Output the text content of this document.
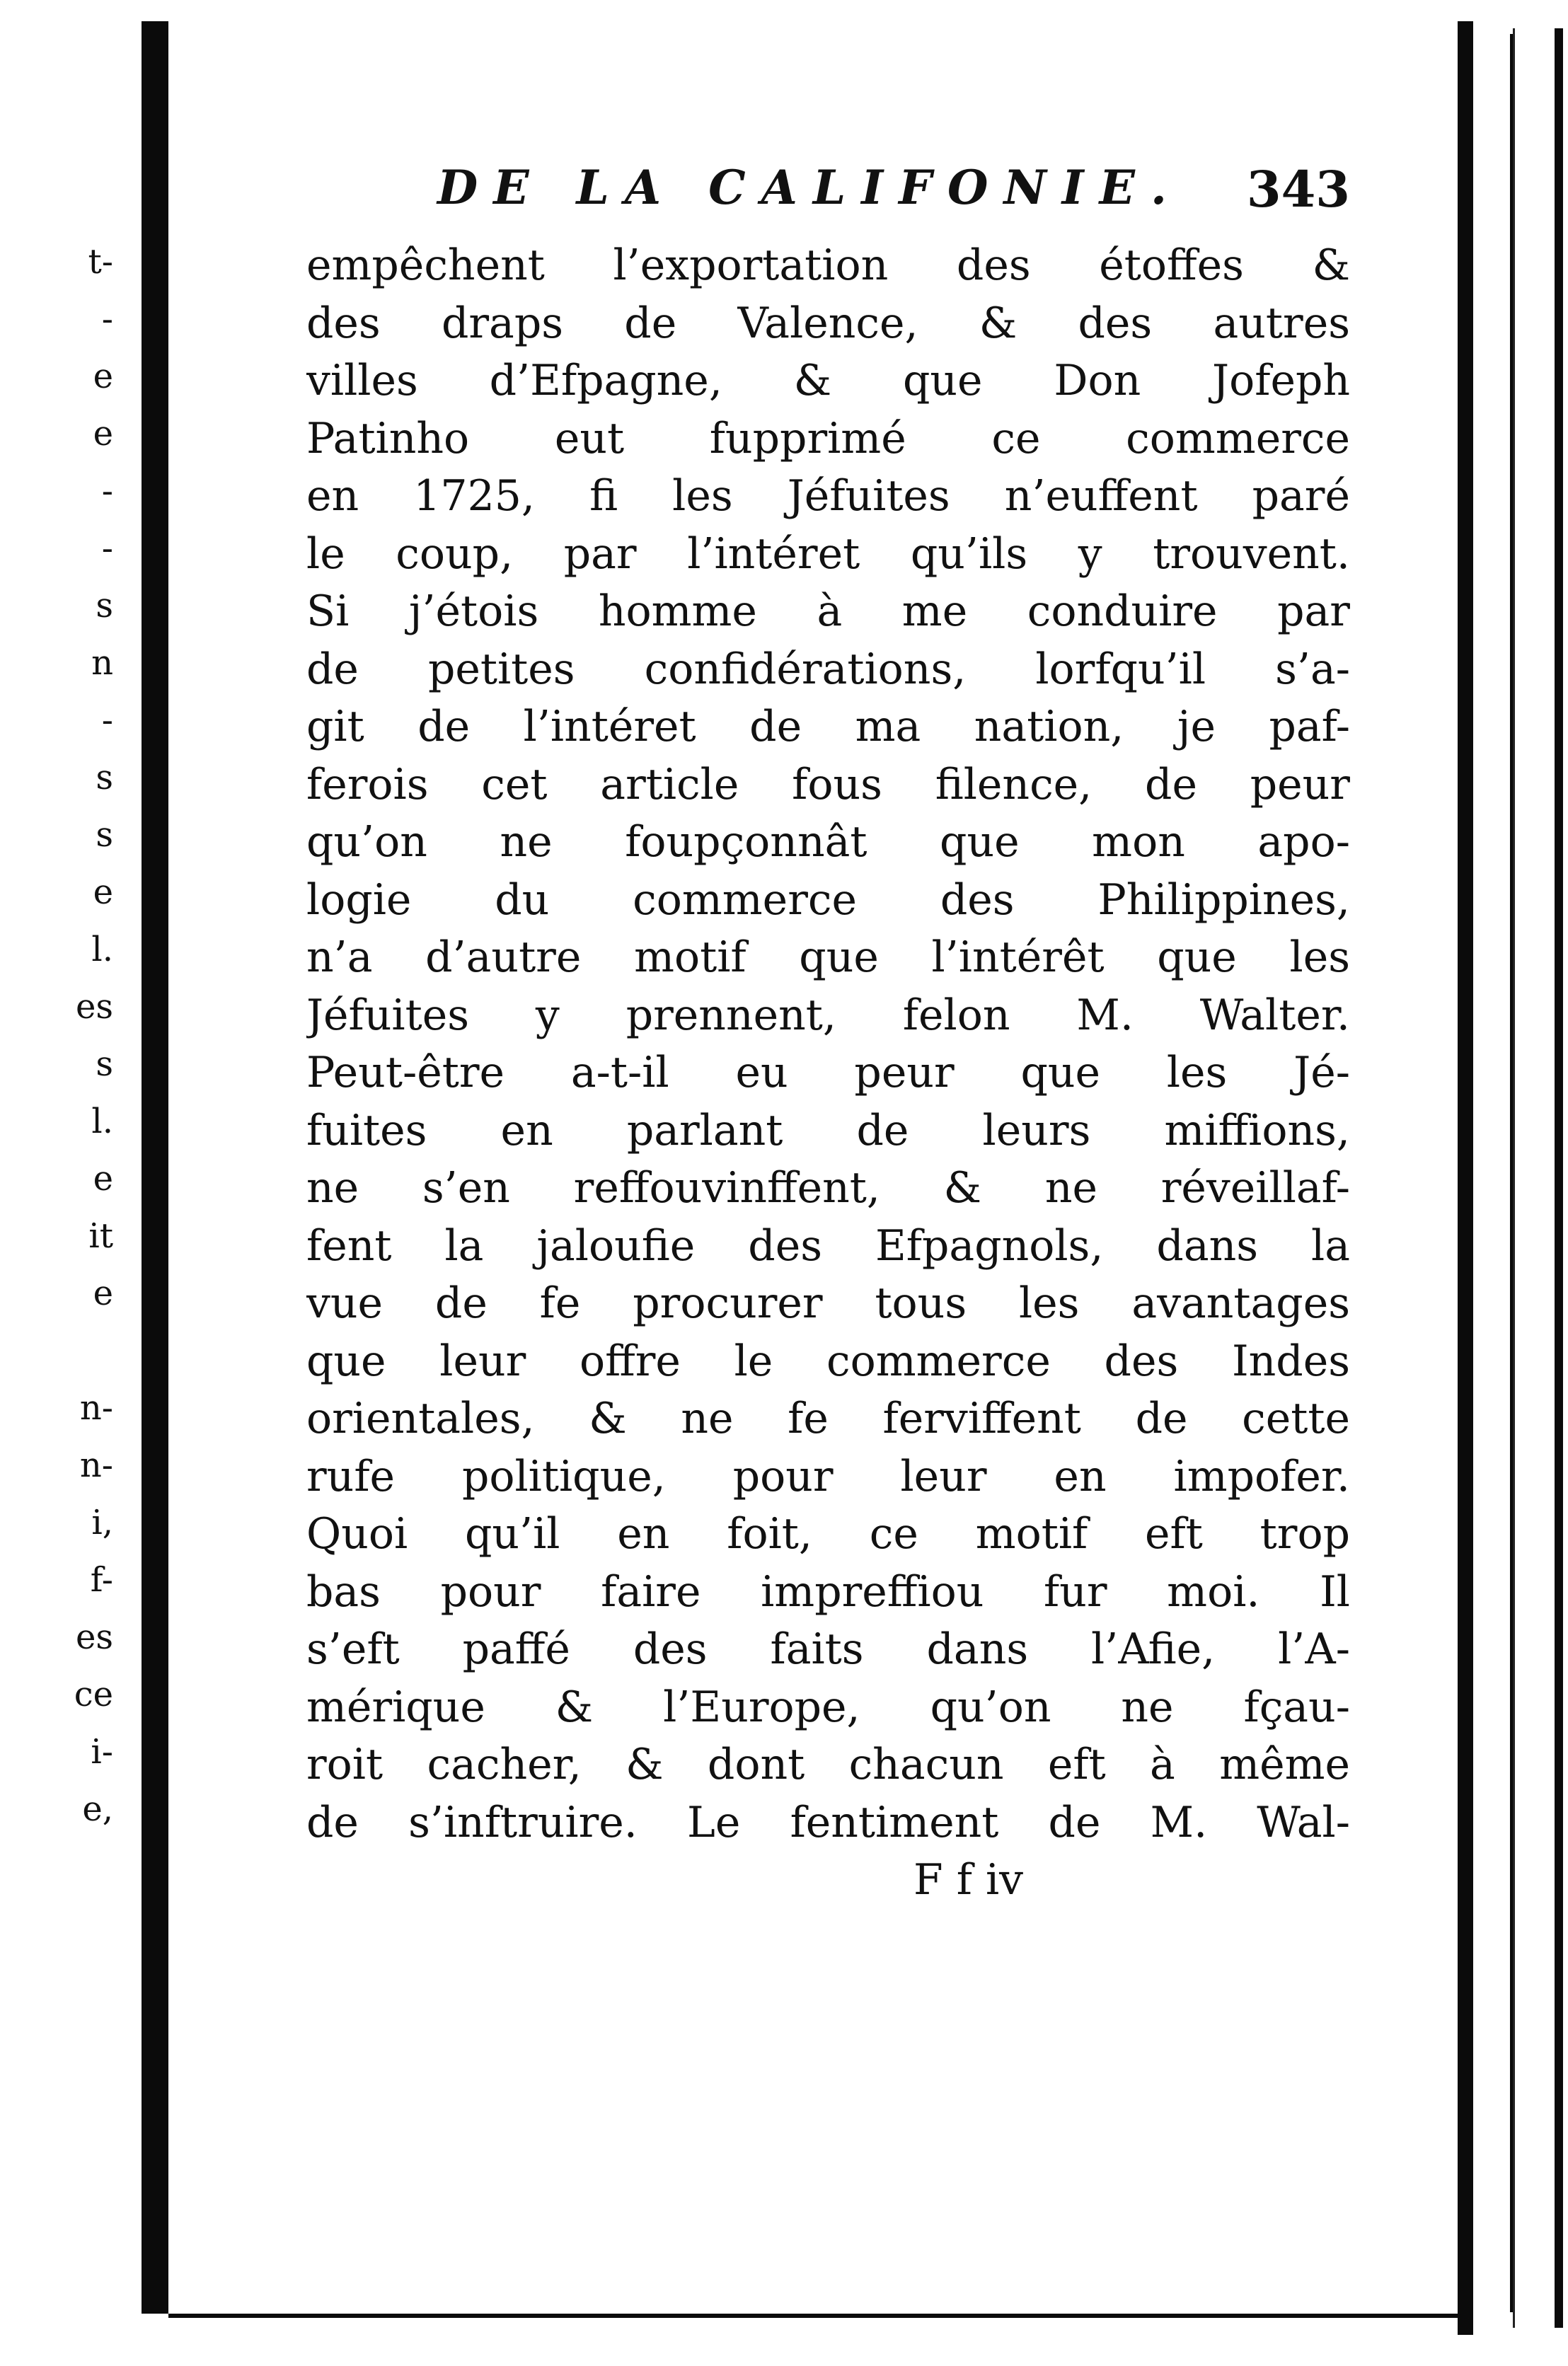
t-
-
e
e
-
-
s
n
-
s
s
e
l.
es
s
l.
e
it
e
n-
n-
i,
f-
es
ce
i-
e,
DE LA CALIFONIE. 343
empêchent l’exportation des étoffes &
des draps de Valence, & des autres
villes d’Efpagne, & que Don Jofeph
Patinho eut fupprimé ce commerce
en 1725, fi les Jéfuites n’euffent paré
le coup, par l’intéret qu’ils y trouvent.
Si j’étois homme à me conduire par
de petites confidérations, lorfqu’il s’a-
git de l’intéret de ma nation, je paf-
ferois cet article fous filence, de peur
qu’on ne foupçonnât que mon apo-
logie du commerce des Philippines,
n’a d’autre motif que l’intérêt que les
Jéfuites y prennent, felon M. Walter.
Peut-être a-t-il eu peur que les Jé-
fuites en parlant de leurs miffions,
ne s’en reffouvinffent, & ne réveillaf-
fent la jaloufie des Efpagnols, dans la
vue de fe procurer tous les avantages
que leur offre le commerce des Indes
orientales, & ne fe ferviffent de cette
rufe politique, pour leur en impofer.
Quoi qu’il en foit, ce motif eft trop
bas pour faire impreffiou fur moi. Il
s’eft paffé des faits dans l’Afie, l’A-
mérique & l’Europe, qu’on ne fçau-
roit cacher, & dont chacun eft à même
de s’inftruire. Le fentiment de M. Wal-
F f iv
